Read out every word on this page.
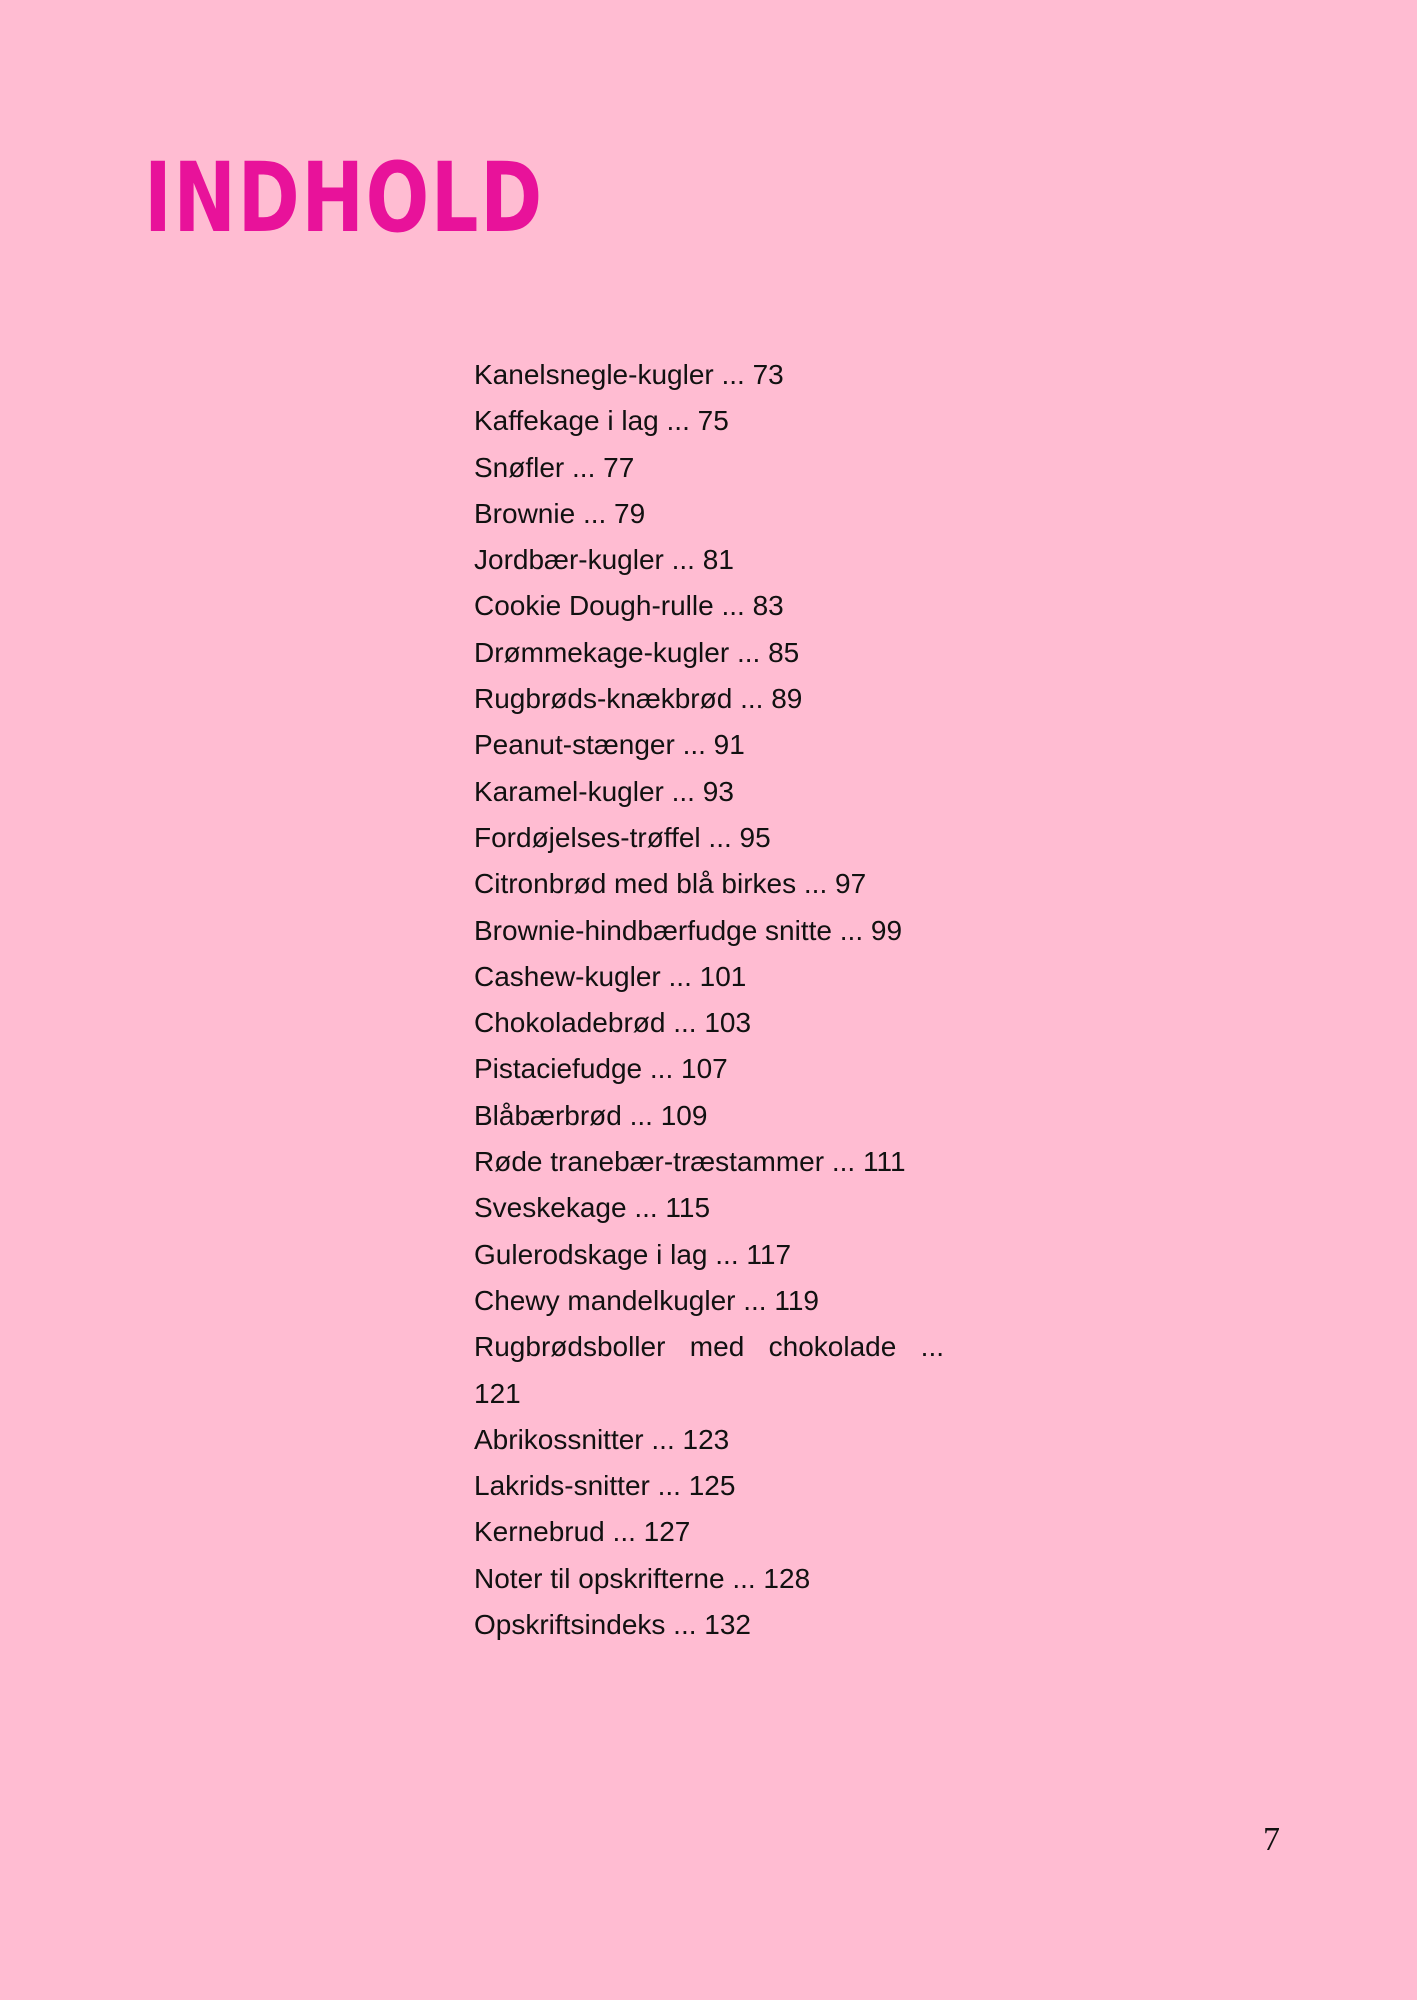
INDHOLD
Kanelsnegle-kugler ... 73
Kaffekage i lag ... 75
Snøfler ... 77
Brownie ... 79
Jordbær-kugler ... 81
Cookie Dough-rulle ... 83
Drømmekage-kugler ... 85
Rugbrøds-knækbrød ... 89
Peanut-stænger ... 91
Karamel-kugler ... 93
Fordøjelses-trøffel ... 95
Citronbrød med blå birkes ... 97
Brownie-hindbærfudge snitte ... 99
Cashew-kugler ... 101
Chokoladebrød ... 103
Pistaciefudge ... 107
Blåbærbrød ... 109
Røde tranebær-træstammer ... 111
Sveskekage ... 115
Gulerodskage i lag ... 117
Chewy mandelkugler ... 119
Rugbrødsboller med chokolade ... 121
Abrikossnitter ... 123
Lakrids-snitter ... 125
Kernebrud ... 127
Noter til opskrifterne ... 128
Opskriftsindeks ... 132
7
